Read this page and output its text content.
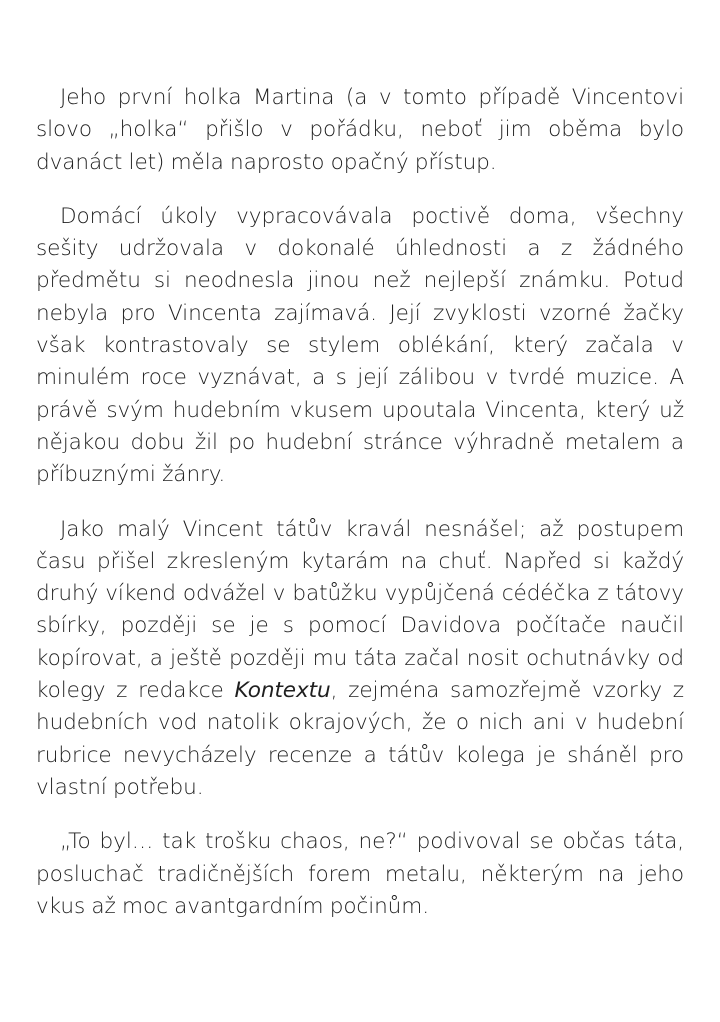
Jeho první holka Martina (a v tomto případě Vincentovi slovo „holka“ přišlo v pořádku, neboť jim oběma bylo dvanáct let) měla naprosto opačný přístup.

Domácí úkoly vypracovávala poctivě doma, všechny sešity udržovala v dokonalé úhlednosti a z žádného předmětu si neodnesla jinou než nejlepší známku. Potud nebyla pro Vincenta zajímavá. Její zvyklosti vzorné žačky však kontrastovaly se stylem oblékání, který začala v minulém roce vyznávat, a s její zálibou v tvrdé muzice. A právě svým hudebním vkusem upoutala Vincenta, který už nějakou dobu žil po hudební stránce výhradně metalem a příbuznými žánry.

Jako malý Vincent tátův kravál nesnášel; až postupem času přišel zkresleným kytarám na chuť. Napřed si každý druhý víkend odvážel v batůžku vypůjčená cédéčka z tátovy sbírky, později se je s pomocí Davidova počítače naučil kopírovat, a ještě později mu táta začal nosit ochutnávky od kolegy z redakce Kontextu, zejména samozřejmě vzorky z hudebních vod natolik okrajových, že o nich ani v hudební rubrice nevycházely recenze a tátův kolega je sháněl pro vlastní potřebu.

„To byl… tak trošku chaos, ne?“ podivoval se občas táta, posluchač tradičnějších forem metalu, některým na jeho vkus až moc avantgardním počinům.
